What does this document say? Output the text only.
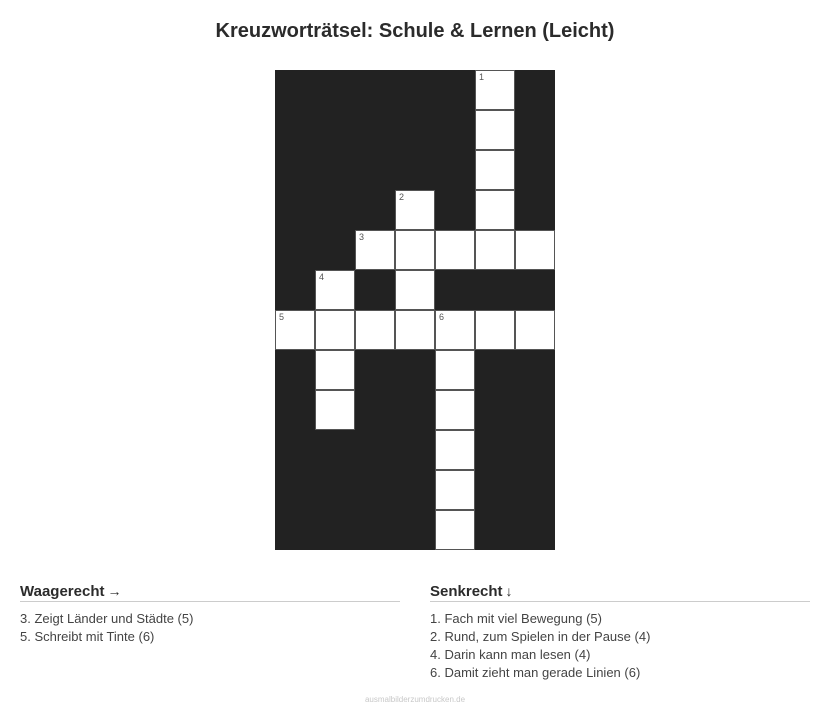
Kreuzworträtsel: Schule & Lernen (Leicht)
1
2
3
4
5	6
Waagerecht →
3. Zeigt Länder und Städte (5)
5. Schreibt mit Tinte (6)
Senkrecht ↓
1. Fach mit viel Bewegung (5)
2. Rund, zum Spielen in der Pause (4)
4. Darin kann man lesen (4)
6. Damit zieht man gerade Linien (6)
ausmalbilderzumdrucken.de
